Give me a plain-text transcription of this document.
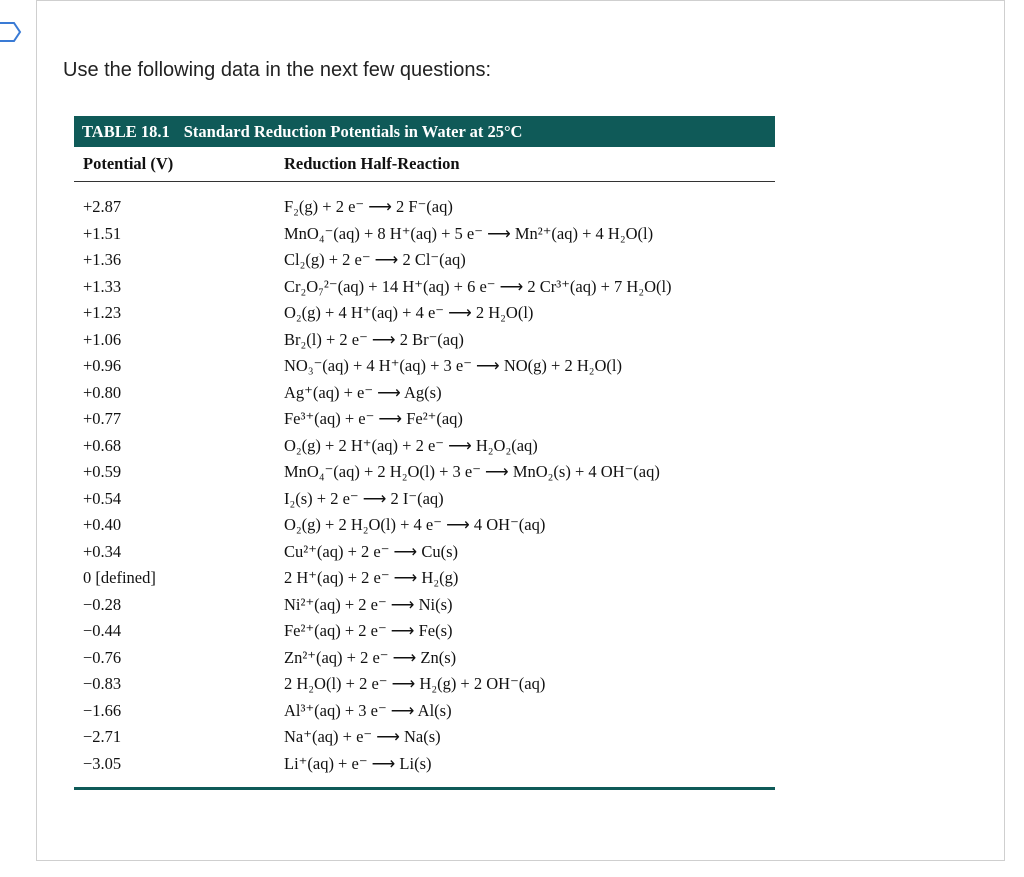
Use the following data in the next few questions:
TABLE 18.1 Standard Reduction Potentials in Water at 25°C
Potential (V)	Reduction Half-Reaction
+2.87	F₂(g) + 2 e⁻ ⟶ 2 F⁻(aq)
+1.51	MnO₄⁻(aq) + 8 H⁺(aq) + 5 e⁻ ⟶ Mn²⁺(aq) + 4 H₂O(l)
+1.36	Cl₂(g) + 2 e⁻ ⟶ 2 Cl⁻(aq)
+1.33	Cr₂O₇²⁻(aq) + 14 H⁺(aq) + 6 e⁻ ⟶ 2 Cr³⁺(aq) + 7 H₂O(l)
+1.23	O₂(g) + 4 H⁺(aq) + 4 e⁻ ⟶ 2 H₂O(l)
+1.06	Br₂(l) + 2 e⁻ ⟶ 2 Br⁻(aq)
+0.96	NO₃⁻(aq) + 4 H⁺(aq) + 3 e⁻ ⟶ NO(g) + 2 H₂O(l)
+0.80	Ag⁺(aq) + e⁻ ⟶ Ag(s)
+0.77	Fe³⁺(aq) + e⁻ ⟶ Fe²⁺(aq)
+0.68	O₂(g) + 2 H⁺(aq) + 2 e⁻ ⟶ H₂O₂(aq)
+0.59	MnO₄⁻(aq) + 2 H₂O(l) + 3 e⁻ ⟶ MnO₂(s) + 4 OH⁻(aq)
+0.54	I₂(s) + 2 e⁻ ⟶ 2 I⁻(aq)
+0.40	O₂(g) + 2 H₂O(l) + 4 e⁻ ⟶ 4 OH⁻(aq)
+0.34	Cu²⁺(aq) + 2 e⁻ ⟶ Cu(s)
0 [defined]	2 H⁺(aq) + 2 e⁻ ⟶ H₂(g)
−0.28	Ni²⁺(aq) + 2 e⁻ ⟶ Ni(s)
−0.44	Fe²⁺(aq) + 2 e⁻ ⟶ Fe(s)
−0.76	Zn²⁺(aq) + 2 e⁻ ⟶ Zn(s)
−0.83	2 H₂O(l) + 2 e⁻ ⟶ H₂(g) + 2 OH⁻(aq)
−1.66	Al³⁺(aq) + 3 e⁻ ⟶ Al(s)
−2.71	Na⁺(aq) + e⁻ ⟶ Na(s)
−3.05	Li⁺(aq) + e⁻ ⟶ Li(s)
